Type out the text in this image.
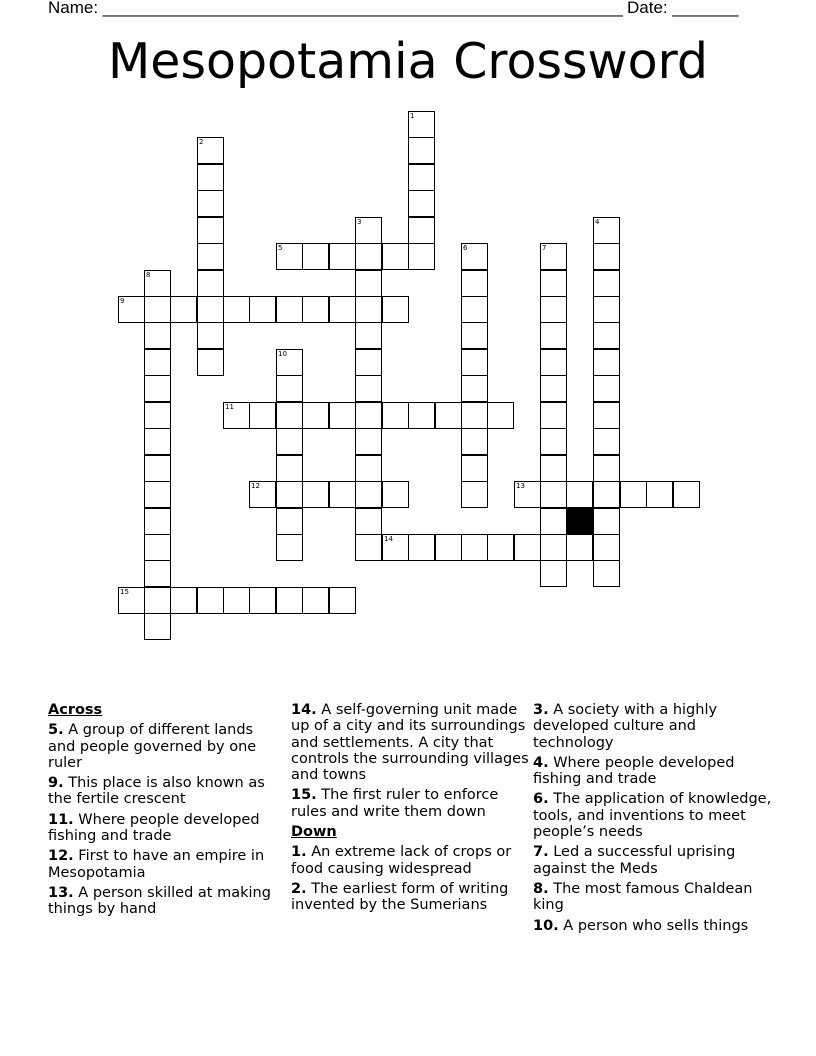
Name: _______________________________________________________ Date: _______
Mesopotamia Crossword
1
2
3	4
5	6	7
8
9
10
11
12	13
14
15
Across
5. A group of different lands and people governed by one ruler
9. This place is also known as the fertile crescent
11. Where people developed fishing and trade
12. First to have an empire in Mesopotamia
13. A person skilled at making things by hand
14. A self-governing unit made up of a city and its surroundings and settlements. A city that controls the surrounding villages and towns
15. The first ruler to enforce rules and write them down
Down
1. An extreme lack of crops or food causing widespread
2. The earliest form of writing invented by the Sumerians
3. A society with a highly developed culture and technology
4. Where people developed fishing and trade
6. The application of knowledge, tools, and inventions to meet people’s needs
7. Led a successful uprising against the Meds
8. The most famous Chaldean king
10. A person who sells things
